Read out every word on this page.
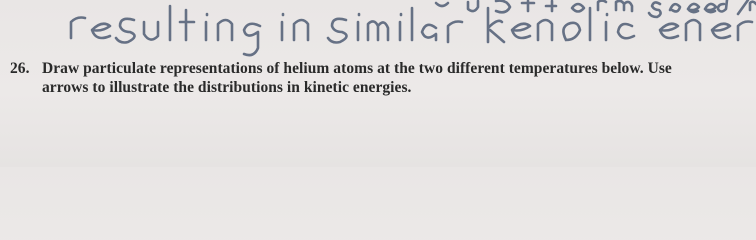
26. Draw particulate representations of helium atoms at the two different temperatures below. Use
arrows to illustrate the distributions in kinetic energies.
